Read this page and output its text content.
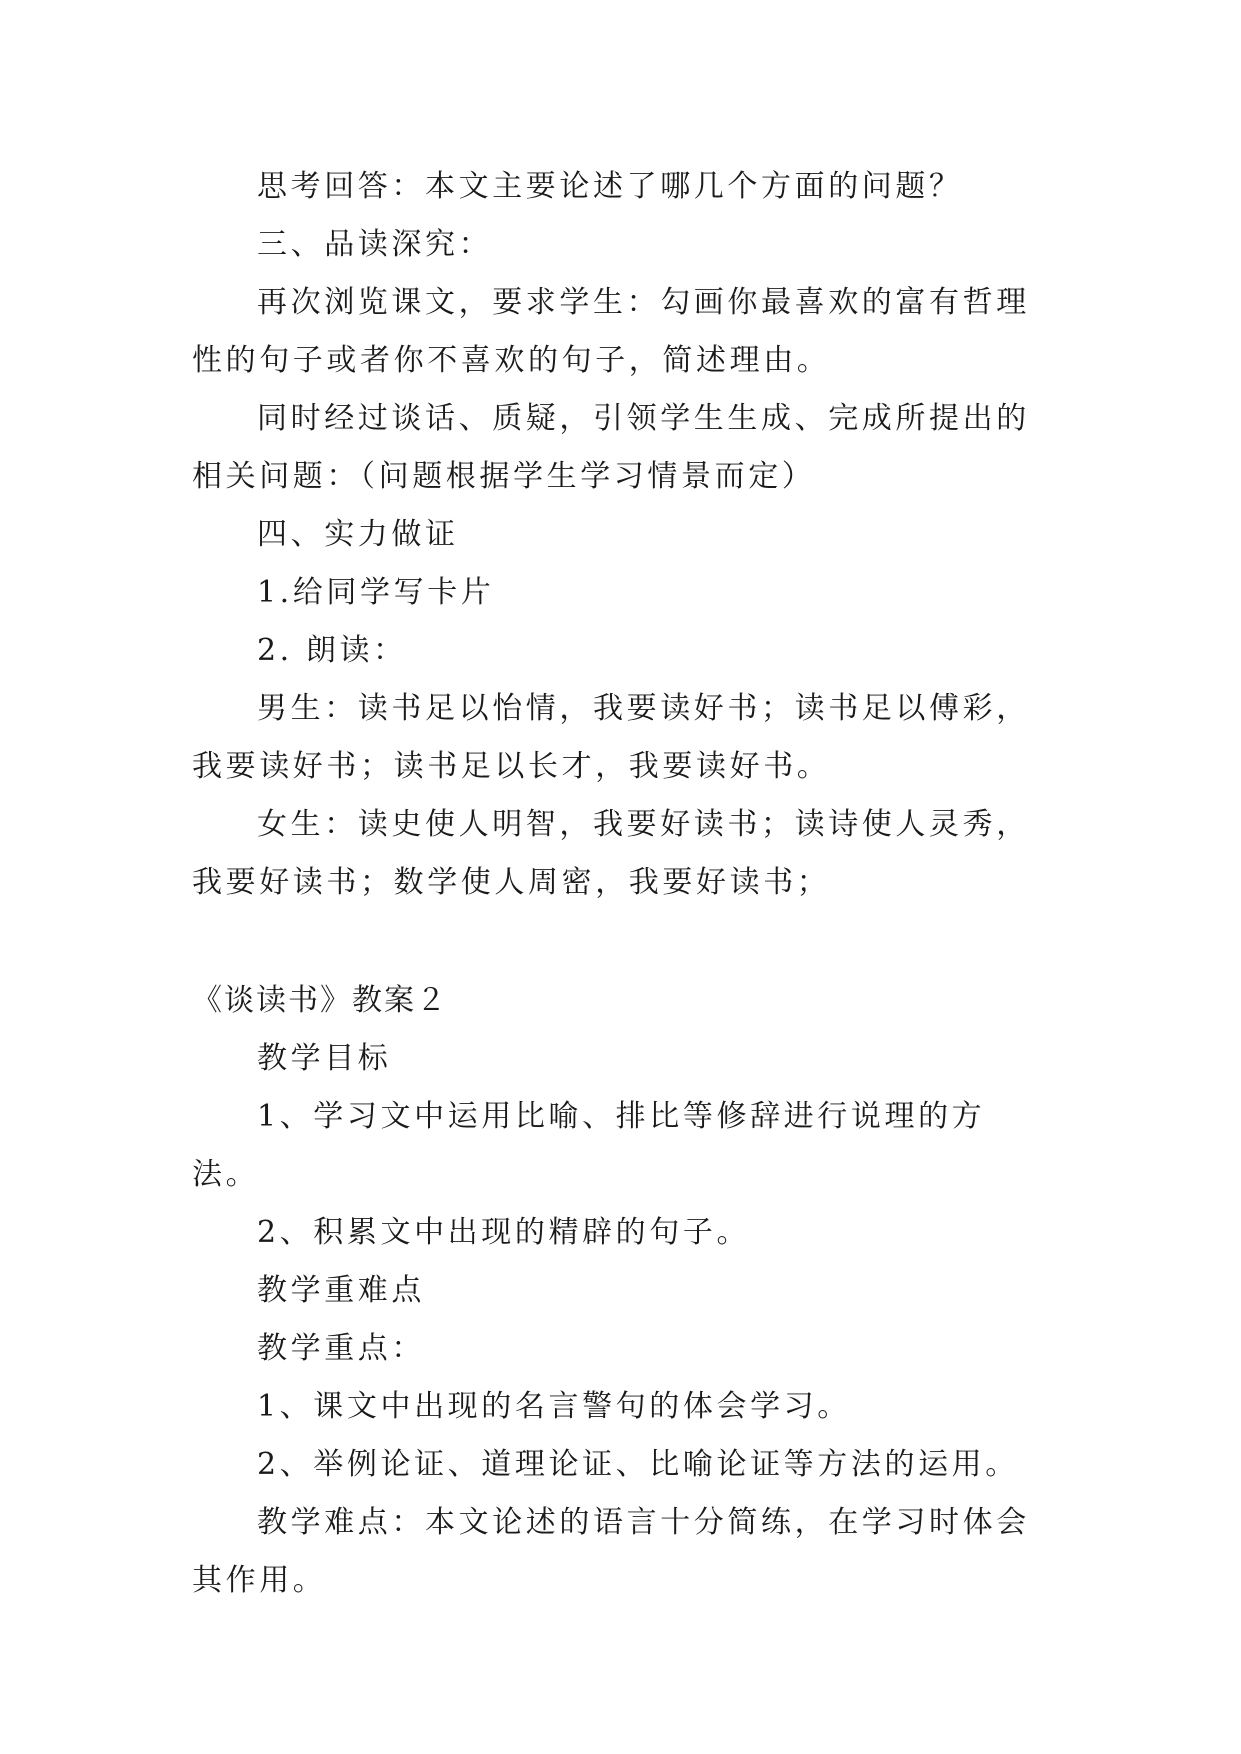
思考回答：本文主要论述了哪几个方面的问题？

三、品读深究：

再次浏览课文，要求学生：勾画你最喜欢的富有哲理性的句子或者你不喜欢的句子，简述理由。

同时经过谈话、质疑，引领学生生成、完成所提出的相关问题：（问题根据学生学习情景而定）

四、实力做证

1.给同学写卡片

2. 朗读：

男生：读书足以怡情，我要读好书；读书足以傅彩，我要读好书；读书足以长才，我要读好书。

女生：读史使人明智，我要好读书；读诗使人灵秀，我要好读书；数学使人周密，我要好读书；

《谈读书》教案２

教学目标

1、学习文中运用比喻、排比等修辞进行说理的方法。

2、积累文中出现的精辟的句子。

教学重难点

教学重点：

1、课文中出现的名言警句的体会学习。

2、举例论证、道理论证、比喻论证等方法的运用。

教学难点：本文论述的语言十分简练，在学习时体会其作用。
